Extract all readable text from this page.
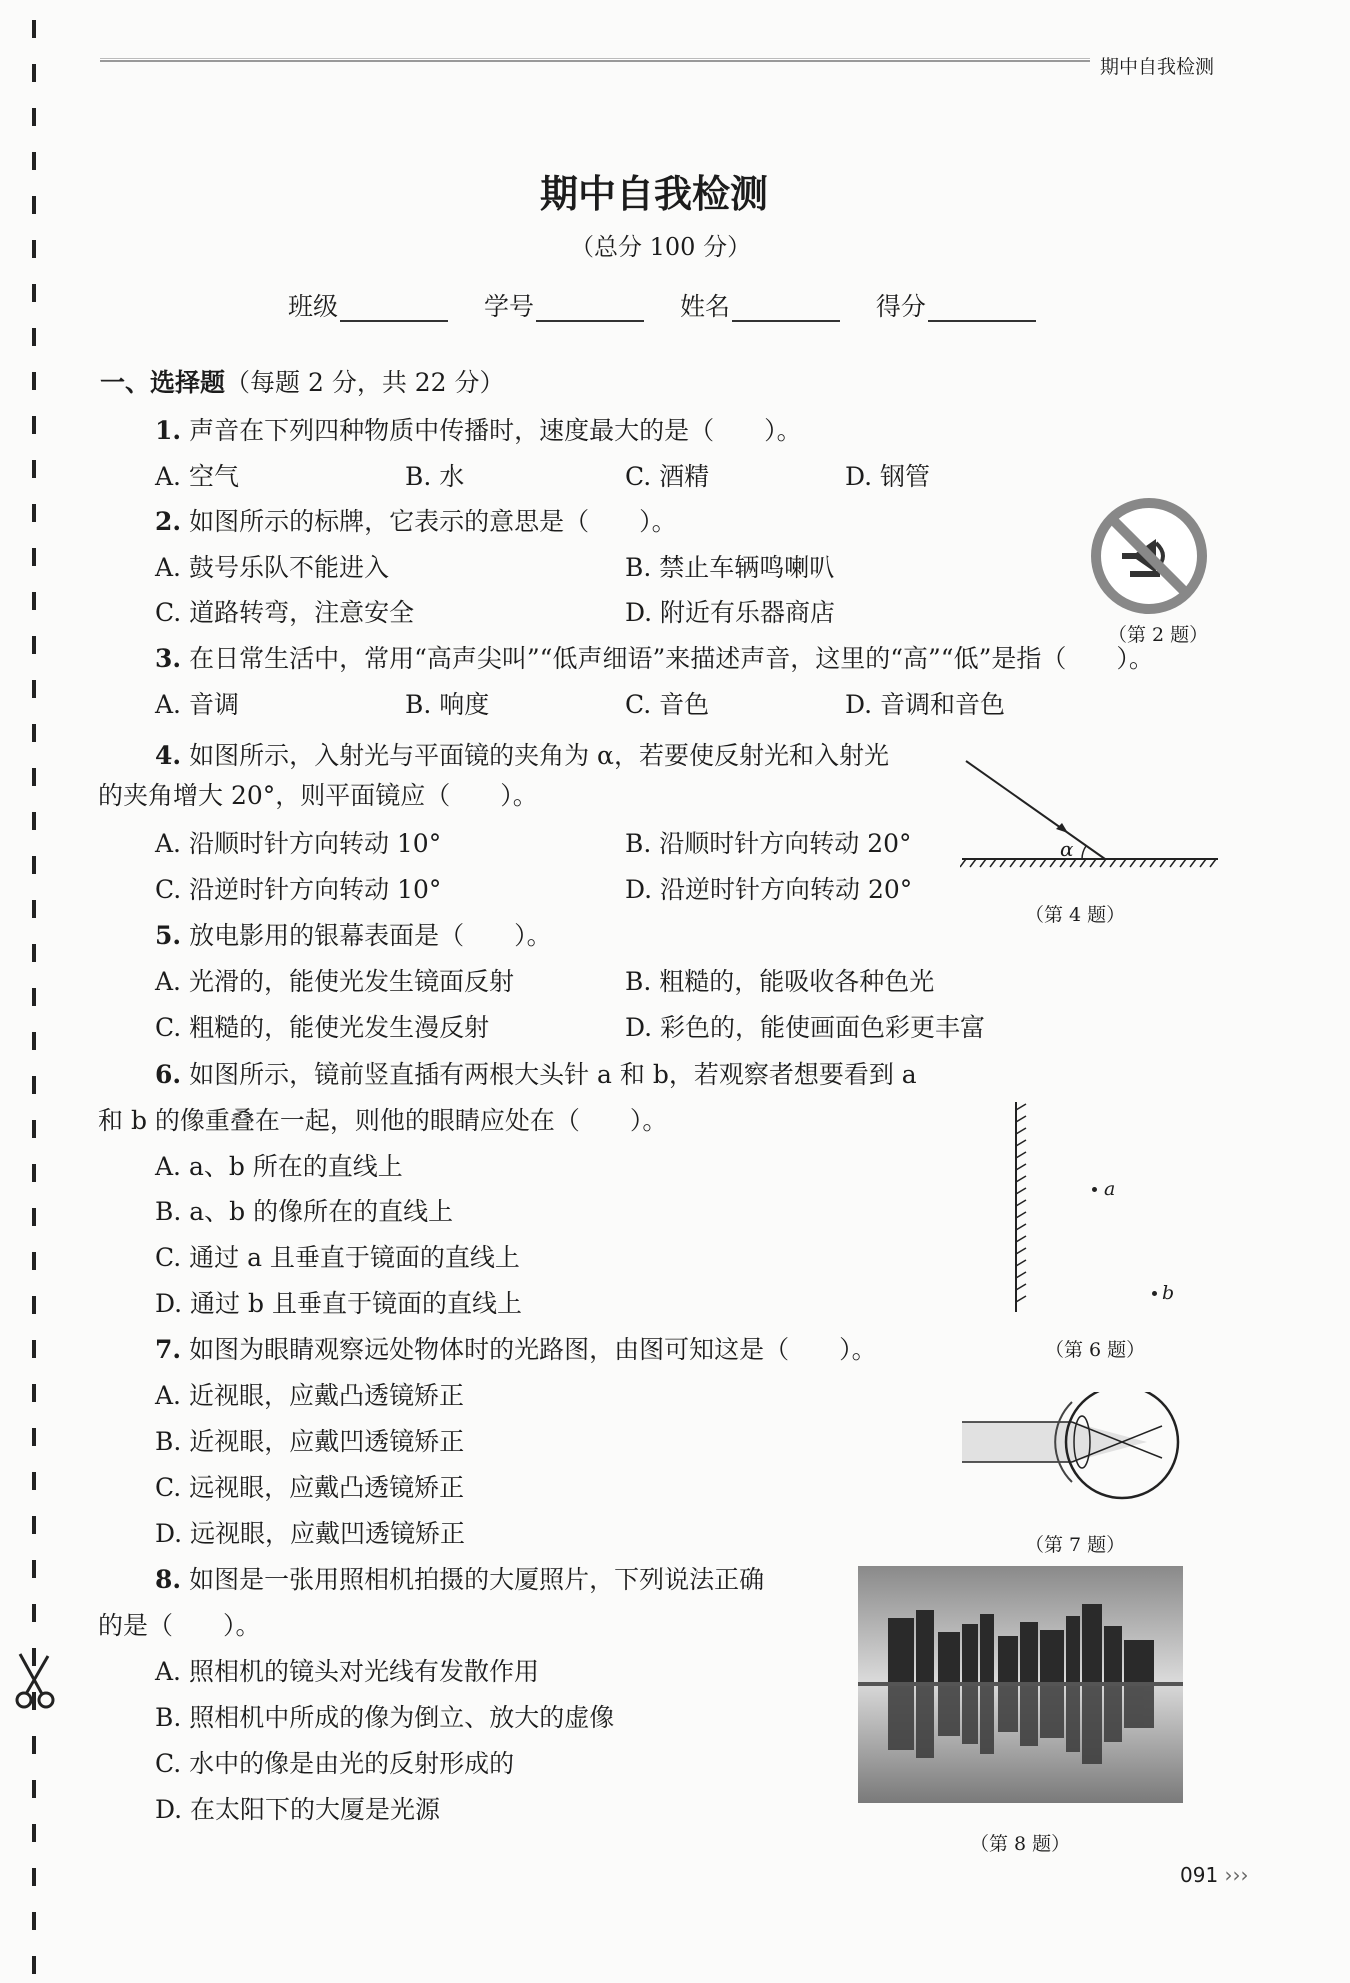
期中自我检测
期中自我检测
（总分 100 分）
班级	学号	姓名	得分
一、选择题（每题 2 分，共 22 分）
1. 声音在下列四种物质中传播时，速度最大的是（　　）。
A. 空气	B. 水	C. 酒精	D. 钢管
2. 如图所示的标牌，它表示的意思是（　　）。
A. 鼓号乐队不能进入	B. 禁止车辆鸣喇叭
C. 道路转弯，注意安全	D. 附近有乐器商店
（第 2 题）
3. 在日常生活中，常用“高声尖叫”“低声细语”来描述声音，这里的“高”“低”是指（　　）。
A. 音调	B. 响度	C. 音色	D. 音调和音色
4. 如图所示，入射光与平面镜的夹角为 α，若要使反射光和入射光
的夹角增大 20°，则平面镜应（　　）。
A. 沿顺时针方向转动 10°	B. 沿顺时针方向转动 20°
C. 沿逆时针方向转动 10°	D. 沿逆时针方向转动 20°
α
（第 4 题）
5. 放电影用的银幕表面是（　　）。
A. 光滑的，能使光发生镜面反射	B. 粗糙的，能吸收各种色光
C. 粗糙的，能使光发生漫反射	D. 彩色的，能使画面色彩更丰富
6. 如图所示，镜前竖直插有两根大头针 a 和 b，若观察者想要看到 a
和 b 的像重叠在一起，则他的眼睛应处在（　　）。
A. a、b 所在的直线上
B. a、b 的像所在的直线上
C. 通过 a 且垂直于镜面的直线上
D. 通过 b 且垂直于镜面的直线上
a
b
（第 6 题）
7. 如图为眼睛观察远处物体时的光路图，由图可知这是（　　）。
A. 近视眼，应戴凸透镜矫正
B. 近视眼，应戴凹透镜矫正
C. 远视眼，应戴凸透镜矫正
D. 远视眼，应戴凹透镜矫正	（第 7 题）
8. 如图是一张用照相机拍摄的大厦照片，下列说法正确
的是（　　）。
A. 照相机的镜头对光线有发散作用
B. 照相机中所成的像为倒立、放大的虚像
C. 水中的像是由光的反射形成的
D. 在太阳下的大厦是光源
（第 8 题）
091 ›››
